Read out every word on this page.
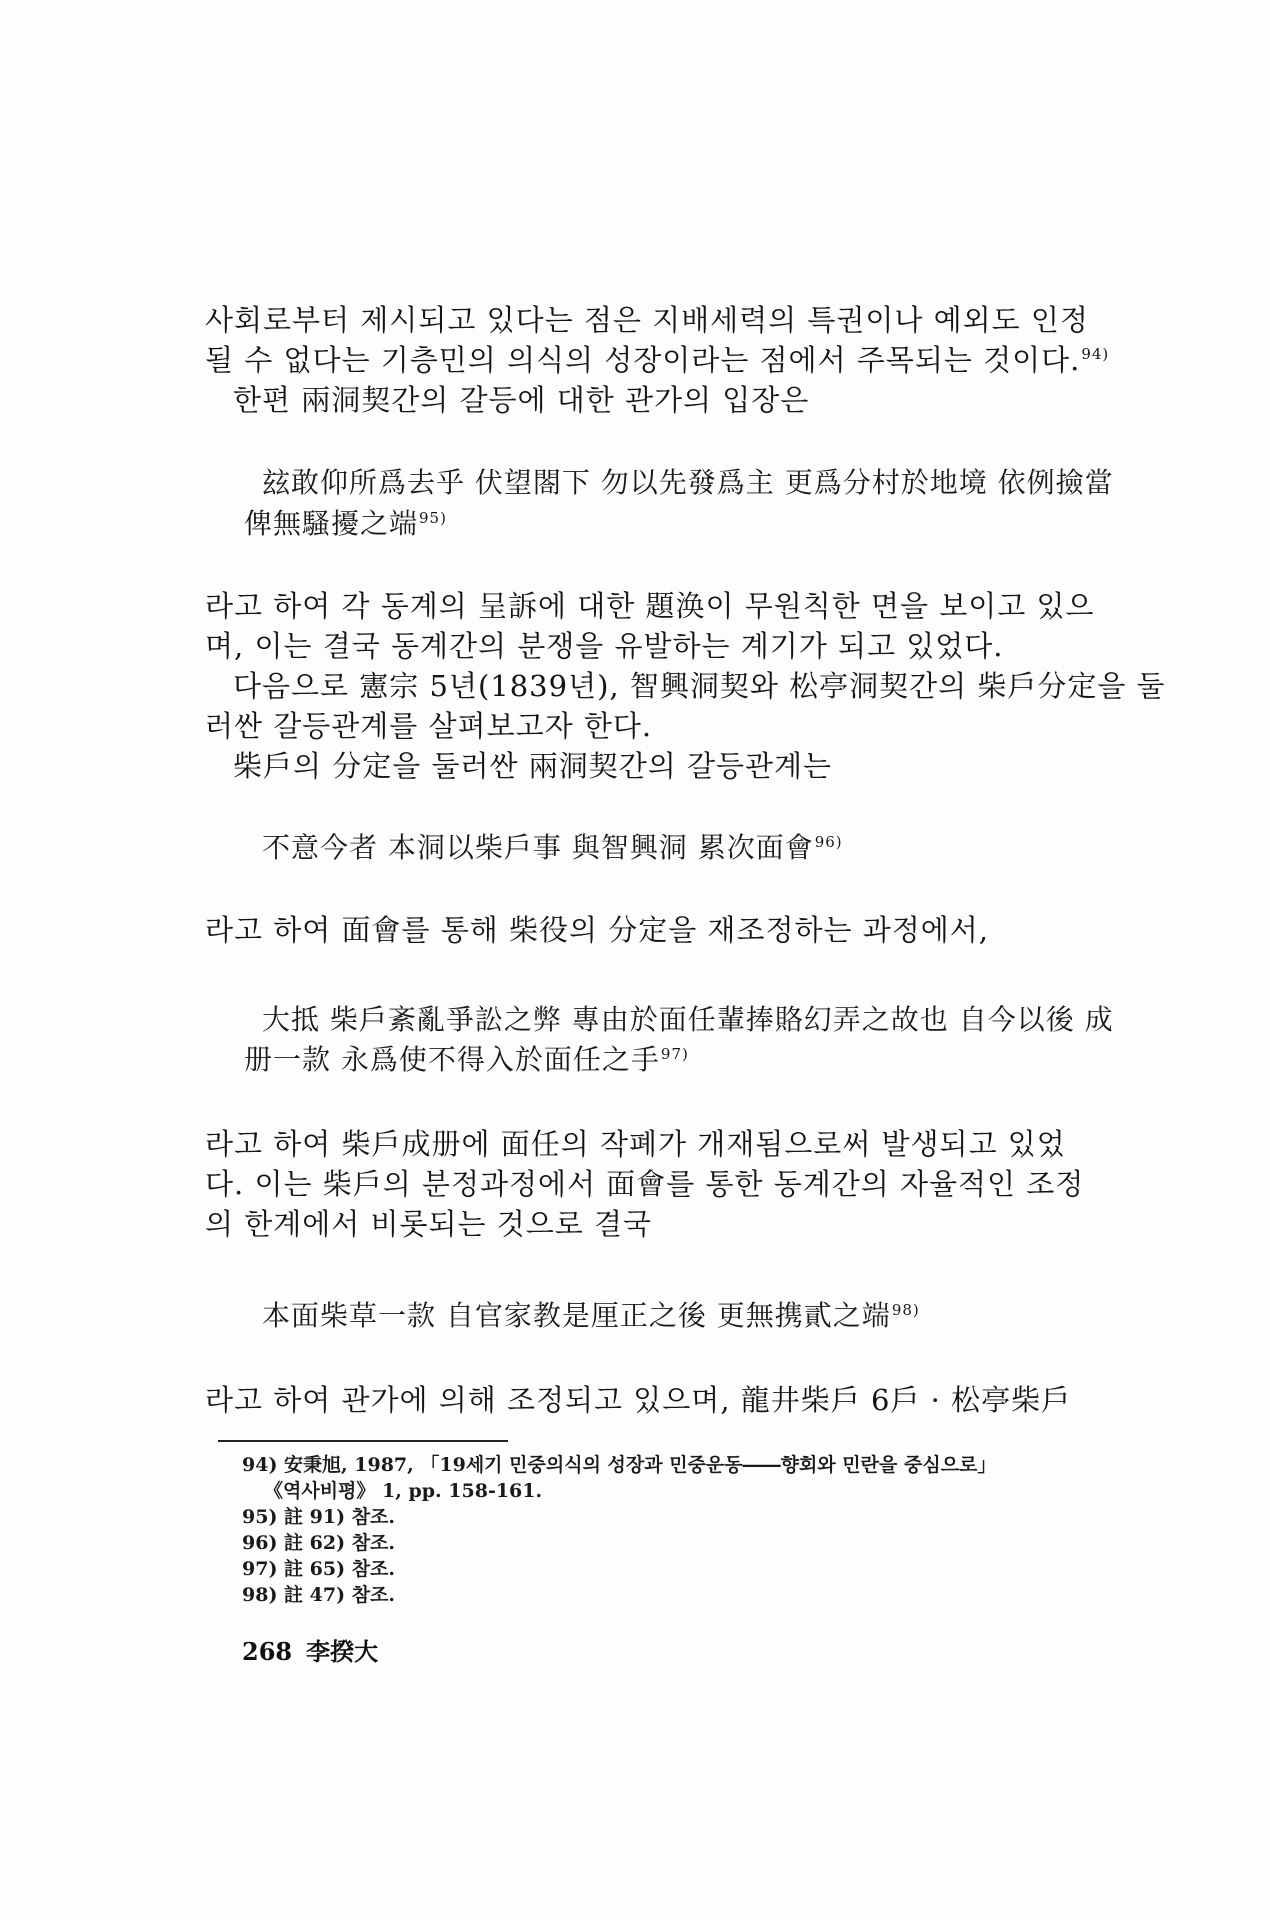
사회로부터 제시되고 있다는 점은 지배세력의 특권이나 예외도 인정
될 수 없다는 기층민의 의식의 성장이라는 점에서 주목되는 것이다.$^{94)}$
한편 兩洞契간의 갈등에 대한 관가의 입장은
玆敢仰所爲去乎 伏望閤下 勿以先發爲主 更爲分村於地境 依例撿當
俾無騷擾之端$^{95)}$
라고 하여 각 동계의 呈訴에 대한 題涣이 무원칙한 면을 보이고 있으
며, 이는 결국 동계간의 분쟁을 유발하는 계기가 되고 있었다.
다음으로 憲宗 5년(1839년), 智興洞契와 松亭洞契간의 柴戶分定을 둘
러싼 갈등관계를 살펴보고자 한다.
柴戶의 分定을 둘러싼 兩洞契간의 갈등관계는
不意今者 本洞以柴戶事 與智興洞 累次面會$^{96)}$
라고 하여 面會를 통해 柴役의 分定을 재조정하는 과정에서,
大抵 柴戶紊亂爭訟之弊 專由於面任輩捧賂幻弄之故也 自今以後 成
册一款 永爲使不得入於面任之手$^{97)}$
라고 하여 柴戶成册에 面任의 작폐가 개재됨으로써 발생되고 있었
다. 이는 柴戶의 분정과정에서 面會를 통한 동계간의 자율적인 조정
의 한계에서 비롯되는 것으로 결국
本面柴草一款 自官家教是厘正之後 更無携貳之端$^{98)}$
라고 하여 관가에 의해 조정되고 있으며, 龍井柴戶 6戶 · 松亭柴戶
94) 安秉旭, 1987, 「19세기 민중의식의 성장과 민중운동――향회와 민란을 중심으로」
《역사비평》 1, pp. 158-161.
95) 註 91) 참조.
96) 註 62) 참조.
97) 註 65) 참조.
98) 註 47) 참조.
268 李揆大
